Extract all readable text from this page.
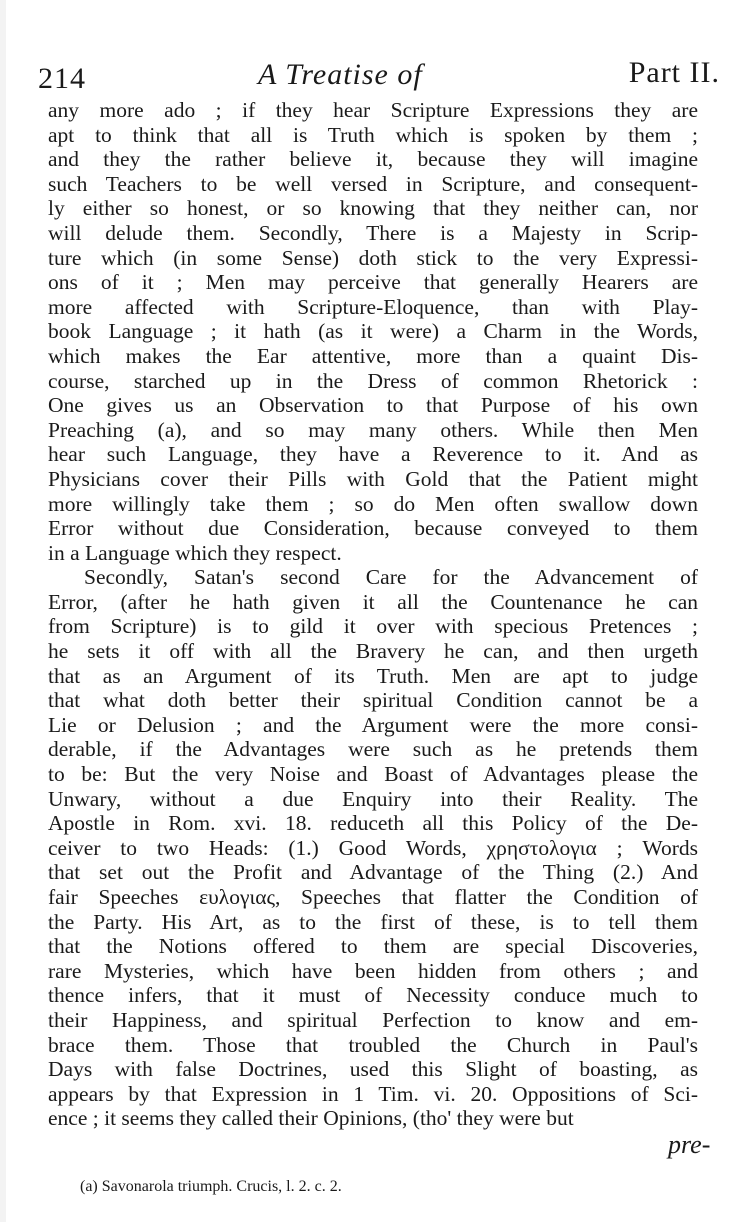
214	A Treatise of	Part II.
any more ado ; if they hear Scripture Expressions they are
apt to think that all is Truth which is spoken by them ;
and they the rather believe it, because they will imagine
such Teachers to be well versed in Scripture, and consequent-
ly either so honest, or so knowing that they neither can, nor
will delude them. Secondly, There is a Majesty in Scrip-
ture which (in some Sense) doth stick to the very Expressi-
ons of it ; Men may perceive that generally Hearers are
more affected with Scripture-Eloquence, than with Play-
book Language ; it hath (as it were) a Charm in the Words,
which makes the Ear attentive, more than a quaint Dis-
course, starched up in the Dress of common Rhetorick :
One gives us an Observation to that Purpose of his own
Preaching (a), and so may many others. While then Men
hear such Language, they have a Reverence to it. And as
Physicians cover their Pills with Gold that the Patient might
more willingly take them ; so do Men often swallow down
Error without due Consideration, because conveyed to them
in a Language which they respect.
Secondly, Satan's second Care for the Advancement of
Error, (after he hath given it all the Countenance he can
from Scripture) is to gild it over with specious Pretences ;
he sets it off with all the Bravery he can, and then urgeth
that as an Argument of its Truth. Men are apt to judge
that what doth better their spiritual Condition cannot be a
Lie or Delusion ; and the Argument were the more consi-
derable, if the Advantages were such as he pretends them
to be: But the very Noise and Boast of Advantages please the
Unwary, without a due Enquiry into their Reality. The
Apostle in Rom. xvi. 18. reduceth all this Policy of the De-
ceiver to two Heads: (1.) Good Words, χρηστολογια ; Words
that set out the Profit and Advantage of the Thing (2.) And
fair Speeches ευλογιας, Speeches that flatter the Condition of
the Party. His Art, as to the first of these, is to tell them
that the Notions offered to them are special Discoveries,
rare Mysteries, which have been hidden from others ; and
thence infers, that it must of Necessity conduce much to
their Happiness, and spiritual Perfection to know and em-
brace them. Those that troubled the Church in Paul's
Days with false Doctrines, used this Slight of boasting, as
appears by that Expression in 1 Tim. vi. 20. Oppositions of Sci-
ence ; it seems they called their Opinions, (tho' they were but
pre-
(a) Savonarola triumph. Crucis, l. 2. c. 2.
